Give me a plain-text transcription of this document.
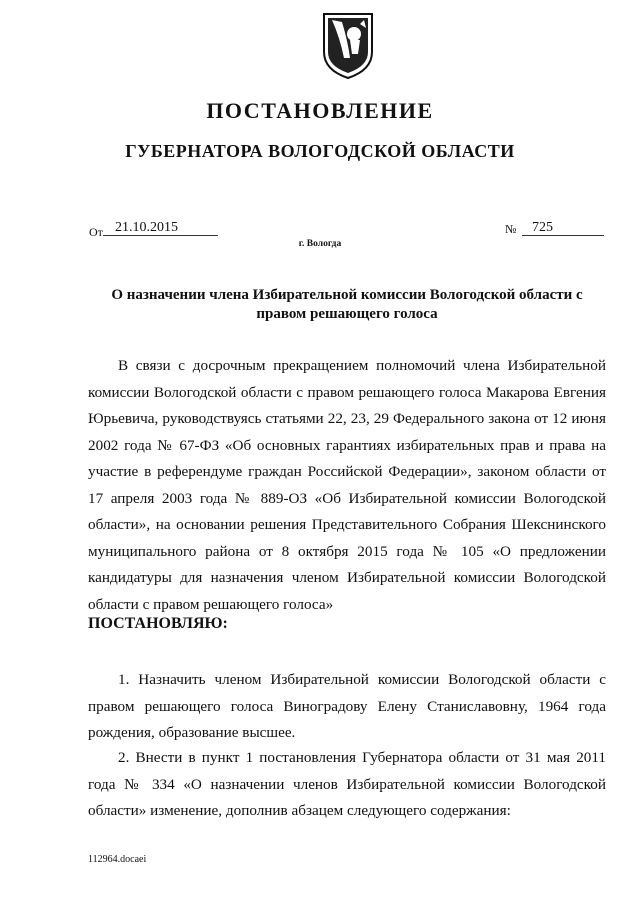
ПОСТАНОВЛЕНИЕ
ГУБЕРНАТОРА ВОЛОГОДСКОЙ ОБЛАСТИ
От 21.10.2015	№	725
г. Вологда
О назначении члена Избирательной комиссии Вологодской области с правом решающего голоса
В связи с досрочным прекращением полномочий члена Избирательной комиссии Вологодской области с правом решающего голоса Макарова Евгения Юрьевича, руководствуясь статьями 22, 23, 29 Федерального закона от 12 июня 2002 года № 67-ФЗ «Об основных гарантиях избирательных прав и права на участие в референдуме граждан Российской Федерации», законом области от 17 апреля 2003 года № 889-ОЗ «Об Избирательной комиссии Вологодской области», на основании решения Представительного Собрания Шекснинского муниципального района от 8 октября 2015 года № 105 «О предложении кандидатуры для назначения членом Избирательной комиссии Вологодской области с правом решающего голоса»
ПОСТАНОВЛЯЮ:
1. Назначить членом Избирательной комиссии Вологодской области с правом решающего голоса Виноградову Елену Станиславовну, 1964 года рождения, образование высшее.
2. Внести в пункт 1 постановления Губернатора области от 31 мая 2011 года № 334 «О назначении членов Избирательной комиссии Вологодской области» изменение, дополнив абзацем следующего содержания:
112964.docaei
